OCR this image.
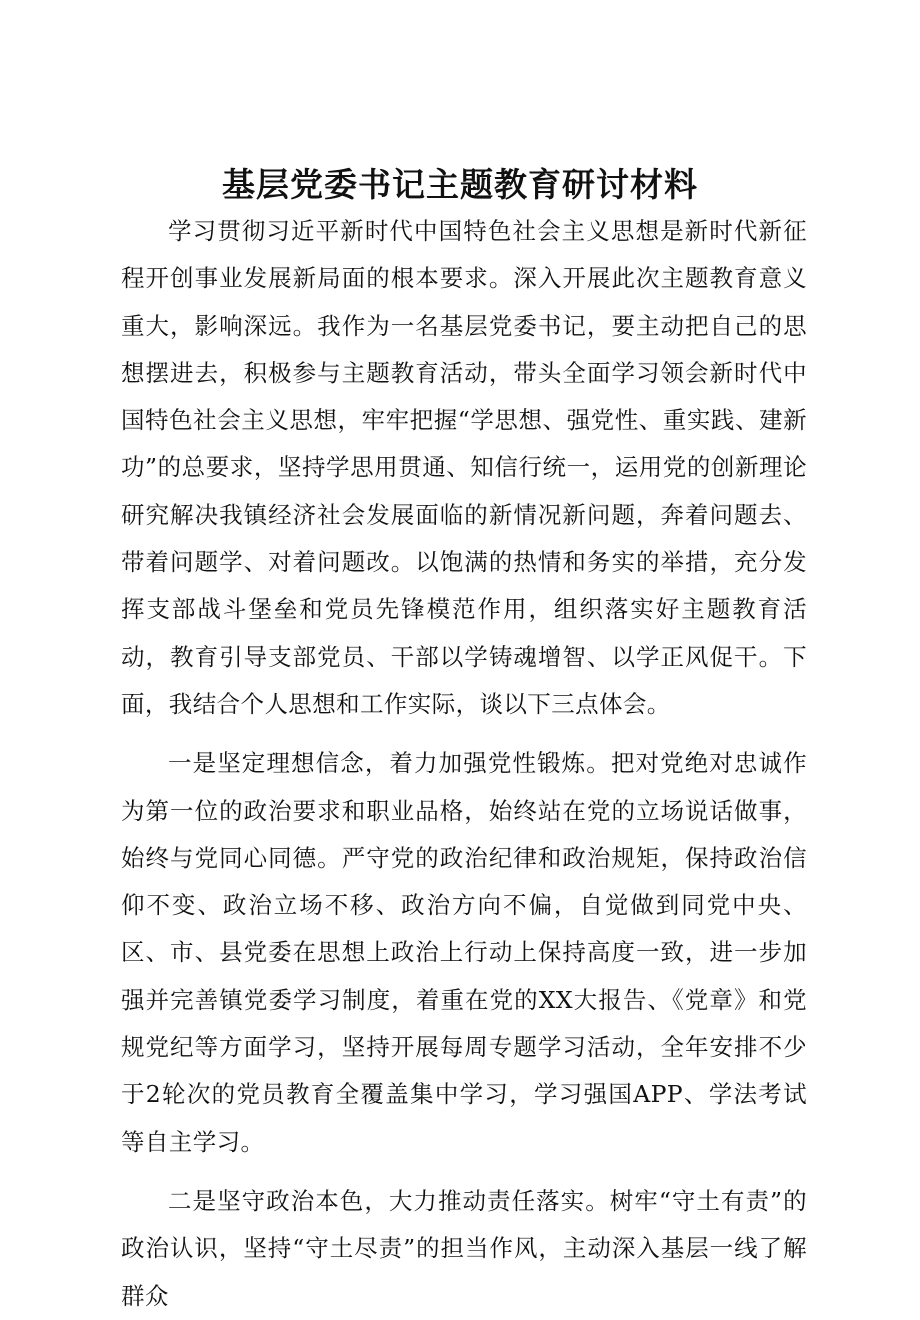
基层党委书记主题教育研讨材料

学习贯彻习近平新时代中国特色社会主义思想是新时代新征程开创事业发展新局面的根本要求。深入开展此次主题教育意义重大，影响深远。我作为一名基层党委书记，要主动把自己的思想摆进去，积极参与主题教育活动，带头全面学习领会新时代中国特色社会主义思想，牢牢把握“学思想、强党性、重实践、建新功”的总要求，坚持学思用贯通、知信行统一，运用党的创新理论研究解决我镇经济社会发展面临的新情况新问题，奔着问题去、带着问题学、对着问题改。以饱满的热情和务实的举措，充分发挥支部战斗堡垒和党员先锋模范作用，组织落实好主题教育活动，教育引导支部党员、干部以学铸魂增智、以学正风促干。下面，我结合个人思想和工作实际，谈以下三点体会。

一是坚定理想信念，着力加强党性锻炼。把对党绝对忠诚作为第一位的政治要求和职业品格，始终站在党的立场说话做事，始终与党同心同德。严守党的政治纪律和政治规矩，保持政治信仰不变、政治立场不移、政治方向不偏，自觉做到同党中央、区、市、县党委在思想上政治上行动上保持高度一致，进一步加强并完善镇党委学习制度，着重在党的XX大报告、《党章》和党规党纪等方面学习，坚持开展每周专题学习活动，全年安排不少于2轮次的党员教育全覆盖集中学习，学习强国APP、学法考试等自主学习。

二是坚守政治本色，大力推动责任落实。树牢“守土有责”的政治认识，坚持“守土尽责”的担当作风，主动深入基层一线了解群众
